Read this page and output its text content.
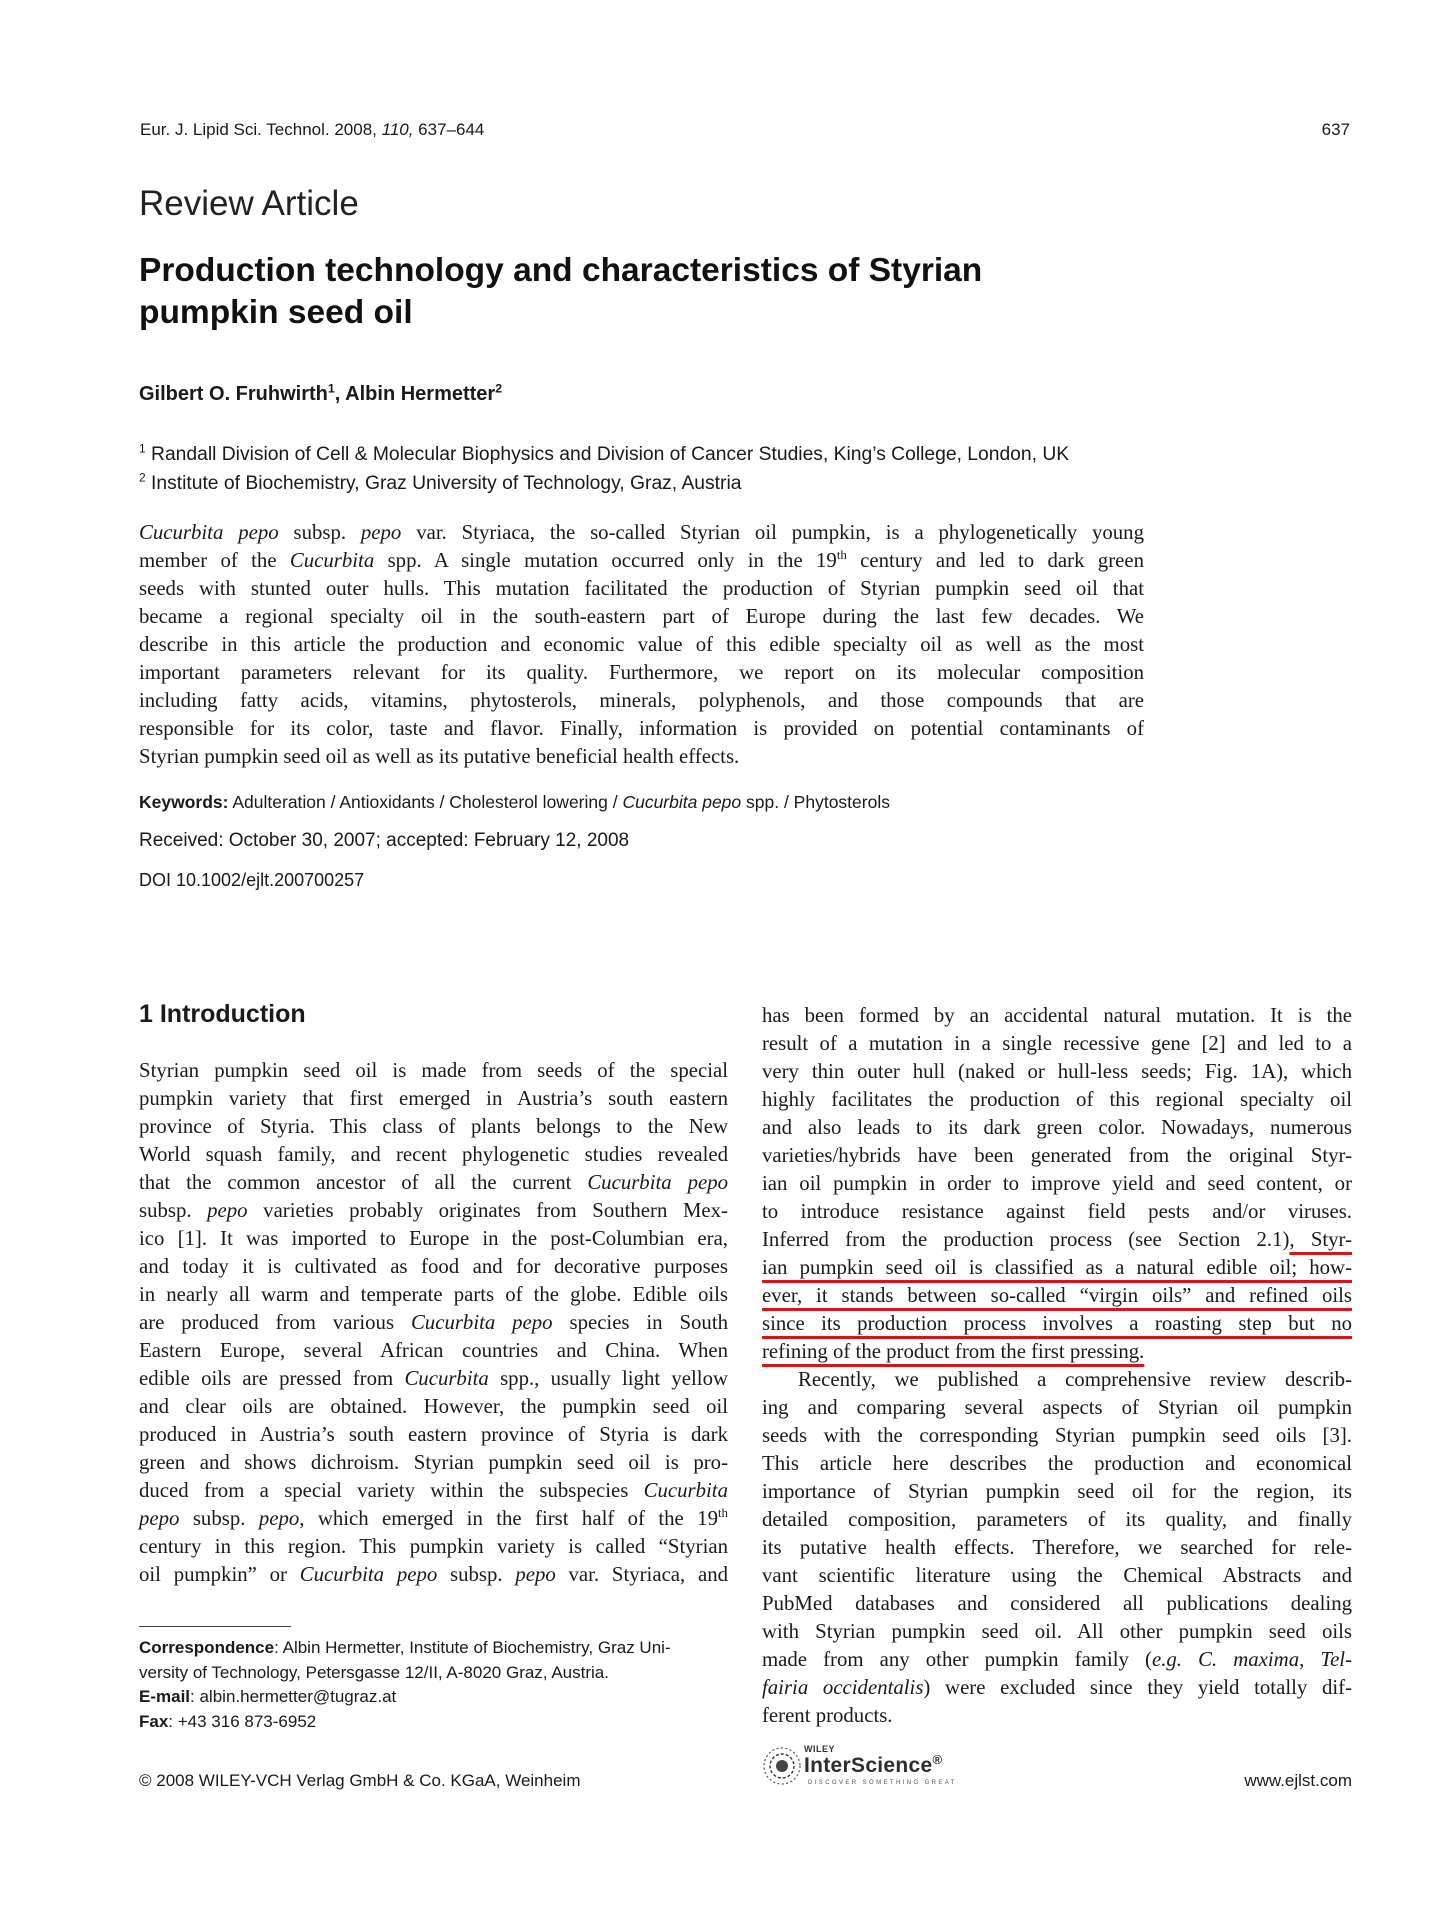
Eur. J. Lipid Sci. Technol. 2008, 110, 637–644	637
Review Article
Production technology and characteristics of Styrian
pumpkin seed oil
Gilbert O. Fruhwirth$^1$, Albin Hermetter$^2$
$^1$ Randall Division of Cell & Molecular Biophysics and Division of Cancer Studies, King’s College, London, UK
$^2$ Institute of Biochemistry, Graz University of Technology, Graz, Austria
Cucurbita pepo subsp. pepo var. Styriaca, the so-called Styrian oil pumpkin, is a phylogenetically young
member of the Cucurbita spp. A single mutation occurred only in the 19th century and led to dark green
seeds with stunted outer hulls. This mutation facilitated the production of Styrian pumpkin seed oil that
became a regional specialty oil in the south-eastern part of Europe during the last few decades. We
describe in this article the production and economic value of this edible specialty oil as well as the most
important parameters relevant for its quality. Furthermore, we report on its molecular composition
including fatty acids, vitamins, phytosterols, minerals, polyphenols, and those compounds that are
responsible for its color, taste and flavor. Finally, information is provided on potential contaminants of
Styrian pumpkin seed oil as well as its putative beneficial health effects.
Keywords: Adulteration / Antioxidants / Cholesterol lowering / Cucurbita pepo spp. / Phytosterols
Received: October 30, 2007; accepted: February 12, 2008
DOI 10.1002/ejlt.200700257
1 Introduction
Styrian pumpkin seed oil is made from seeds of the special
pumpkin variety that first emerged in Austria’s south eastern
province of Styria. This class of plants belongs to the New
World squash family, and recent phylogenetic studies revealed
that the common ancestor of all the current Cucurbita pepo
subsp. pepo varieties probably originates from Southern Mex-
ico [1]. It was imported to Europe in the post-Columbian era,
and today it is cultivated as food and for decorative purposes
in nearly all warm and temperate parts of the globe. Edible oils
are produced from various Cucurbita pepo species in South
Eastern Europe, several African countries and China. When
edible oils are pressed from Cucurbita spp., usually light yellow
and clear oils are obtained. However, the pumpkin seed oil
produced in Austria’s south eastern province of Styria is dark
green and shows dichroism. Styrian pumpkin seed oil is pro-
duced from a special variety within the subspecies Cucurbita
pepo subsp. pepo, which emerged in the first half of the 19th
century in this region. This pumpkin variety is called “Styrian
oil pumpkin” or Cucurbita pepo subsp. pepo var. Styriaca, and
has been formed by an accidental natural mutation. It is the
result of a mutation in a single recessive gene [2] and led to a
very thin outer hull (naked or hull-less seeds; Fig. 1A), which
highly facilitates the production of this regional specialty oil
and also leads to its dark green color. Nowadays, numerous
varieties/hybrids have been generated from the original Styr-
ian oil pumpkin in order to improve yield and seed content, or
to introduce resistance against field pests and/or viruses.
Inferred from the production process (see Section 2.1), Styr-
ian pumpkin seed oil is classified as a natural edible oil; how-
ever, it stands between so-called “virgin oils” and refined oils
since its production process involves a roasting step but no
refining of the product from the first pressing.
Recently, we published a comprehensive review describ-
ing and comparing several aspects of Styrian oil pumpkin
seeds with the corresponding Styrian pumpkin seed oils [3].
This article here describes the production and economical
importance of Styrian pumpkin seed oil for the region, its
detailed composition, parameters of its quality, and finally
its putative health effects. Therefore, we searched for rele-
vant scientific literature using the Chemical Abstracts and
PubMed databases and considered all publications dealing
with Styrian pumpkin seed oil. All other pumpkin seed oils
made from any other pumpkin family (e.g. C. maxima, Tel-
fairia occidentalis) were excluded since they yield totally dif-
ferent products.
Correspondence: Albin Hermetter, Institute of Biochemistry, Graz Uni-
versity of Technology, Petersgasse 12/II, A-8020 Graz, Austria.
E-mail: albin.hermetter@tugraz.at
Fax: +43 316 873-6952
© 2008 WILEY-VCH Verlag GmbH & Co. KGaA, Weinheim
WILEY
InterScience®
DISCOVER SOMETHING GREAT	www.ejlst.com
